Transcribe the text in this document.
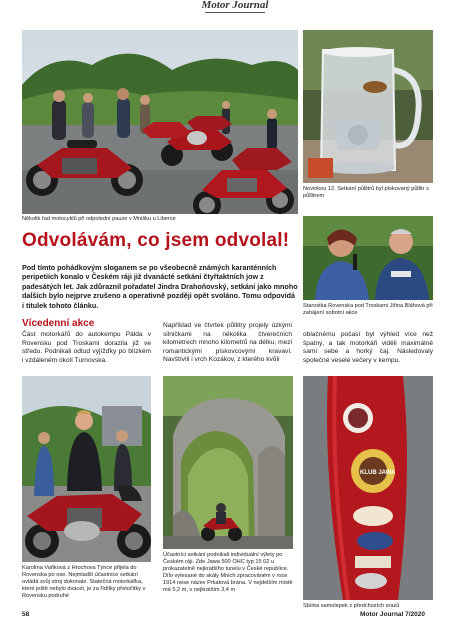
Motor Journal
Několik řad motocyklů při odpolední pauze v Mnišku u Liberce
Novinkou 12. Setkání půllitrů byl pískovaný půllitr s půllitrem
Odvolávám, co jsem odvolal!
Pod tímto pohádkovým sloganem se po všeobecně známých karanténních peripetiích konalo v Českém ráji již dvanácté setkání čtyřtaktních jow z padesátých let. Jak zdůraznil pořadatel Jindra Drahoňovský, setkání jako mnoho dalších bylo nejprve zrušeno a operativně později opět svoláno. Tomu odpovídá i titulek tohoto článku.	Starostka Rovenska pod Troskami Jiřina Bláhová při zahájení sobotní akce
Vícedenní akce
Část motorkářů do autokempu Pálda v Rovensku pod Troskami dorazila již ve středu. Podnikali odtud výjížďky po blízkém i vzdáleném okolí Turnovska.
Například ve čtvrtek půllitry projely úzkými silničkami na několika čtverečních kilometrech mnoho kilometrů na délku, mezi romantickými pískovcovými kravaví. Navštívili i vrch Kozákov, z kterého kvůli
oblačnému počasí byl výhled více než špatný, a tak motorkáři viděli maximálně sami sebe a horký čaj. Následovaly společné veselé večery v kempu.
Karolína Vaňková z Hrochova Týnce přijela do Rovenska po ose. Nejmladší účastnice setkání ovládá svůj stroj dokonale. Statečná motorkářka, které ještě nebylo dvacet, je za řídítky přetočitky v Rovensku podruhé
Účastníci setkání podnikali individuální výlety po Českém ráji. Zde Jawa 500 OHC typ 15 02 u prokazatelně nejkratšího tunelu v České republice. Dílo vytesané do skály Mnich zpracováném v roce 1914 nese název Prkatová brána. V nejdelším místě má 5,2 m, v nejkratším 3,4 m
KLUB JAWA
Sbírka samolepek z předchozích srazů
58	Motor Journal 7/2020
